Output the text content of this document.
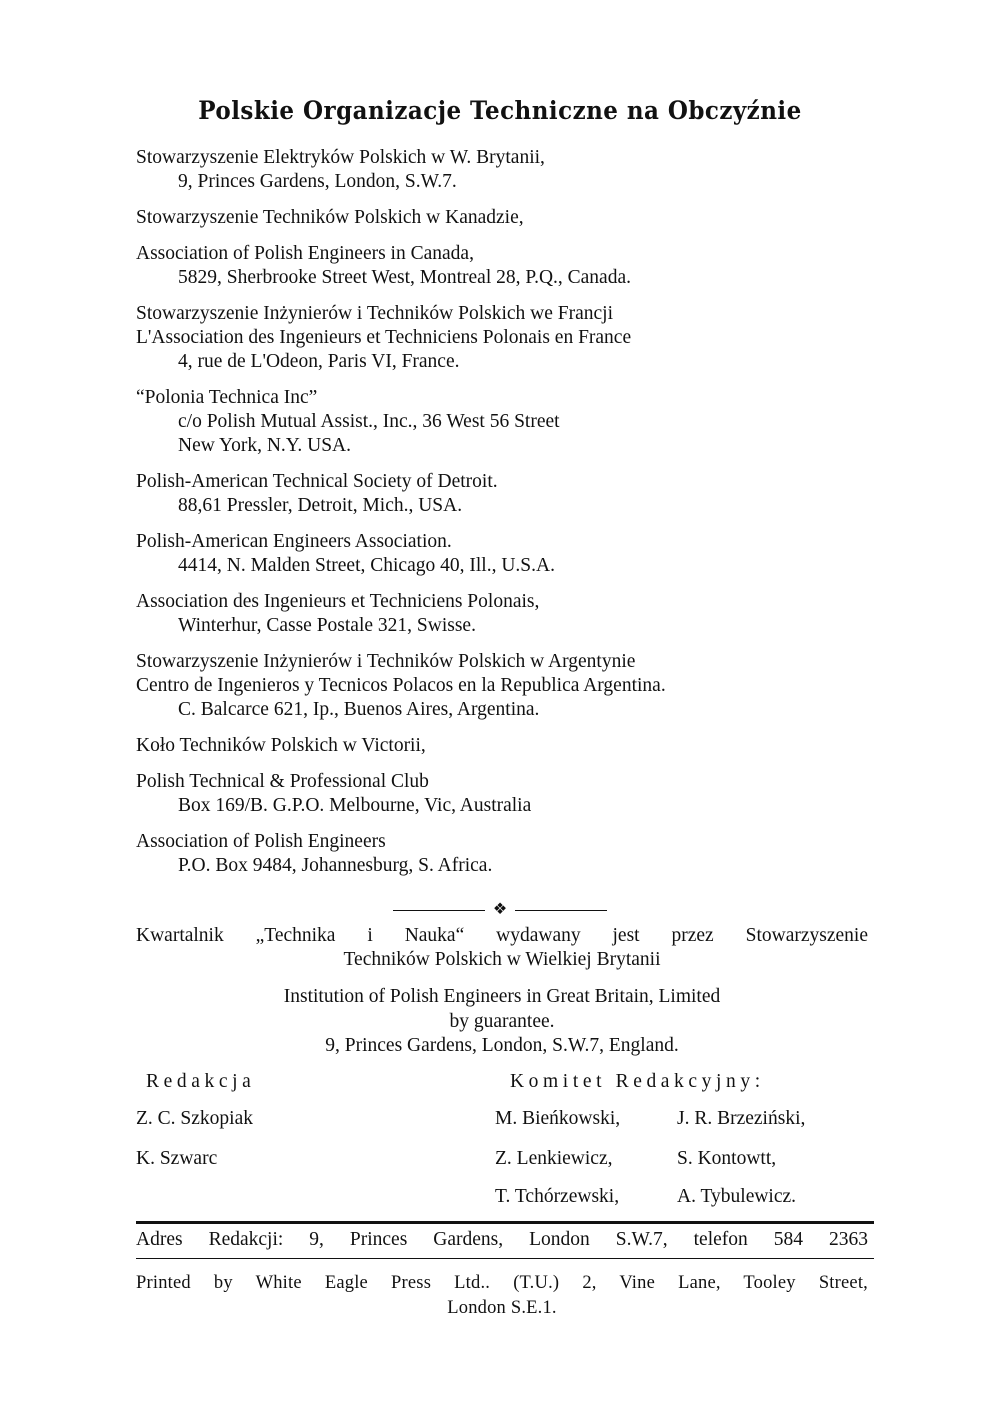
Polskie Organizacje Techniczne na Obczyźnie
Stowarzyszenie Elektryków Polskich w W. Brytanii,
9, Princes Gardens, London, S.W.7.
Stowarzyszenie Techników Polskich w Kanadzie,
Association of Polish Engineers in Canada,
5829, Sherbrooke Street West, Montreal 28, P.Q., Canada.
Stowarzyszenie Inżynierów i Techników Polskich we Francji
L'Association des Ingenieurs et Techniciens Polonais en France
4, rue de L'Odeon, Paris VI, France.
“Polonia Technica Inc”
c/o Polish Mutual Assist., Inc., 36 West 56 Street
New York, N.Y. USA.
Polish-American Technical Society of Detroit.
88,61 Pressler, Detroit, Mich., USA.
Polish-American Engineers Association.
4414, N. Malden Street, Chicago 40, Ill., U.S.A.
Association des Ingenieurs et Techniciens Polonais,
Winterhur, Casse Postale 321, Swisse.
Stowarzyszenie Inżynierów i Techników Polskich w Argentynie
Centro de Ingenieros y Tecnicos Polacos en la Republica Argentina.
C. Balcarce 621, Ip., Buenos Aires, Argentina.
Koło Techników Polskich w Victorii,
Polish Technical & Professional Club
Box 169/B. G.P.O. Melbourne, Vic, Australia
Association of Polish Engineers
P.O. Box 9484, Johannesburg, S. Africa.
❖
Kwartalnik „Technika i Nauka“ wydawany jest przez Stowarzyszenie
Techników Polskich w Wielkiej Brytanii
Institution of Polish Engineers in Great Britain, Limited
by guarantee.
9, Princes Gardens, London, S.W.7, England.
Redakcja	Komitet Redakcyjny:
Z. C. Szkopiak
K. Szwarc
M. Bieńkowski,
Z. Lenkiewicz,
T. Tchórzewski,
J. R. Brzeziński,
S. Kontowtt,
A. Tybulewicz.
Adres Redakcji: 9, Princes Gardens, London S.W.7, telefon 584 2363
Printed by White Eagle Press Ltd.. (T.U.) 2, Vine Lane, Tooley Street,
London S.E.1.
